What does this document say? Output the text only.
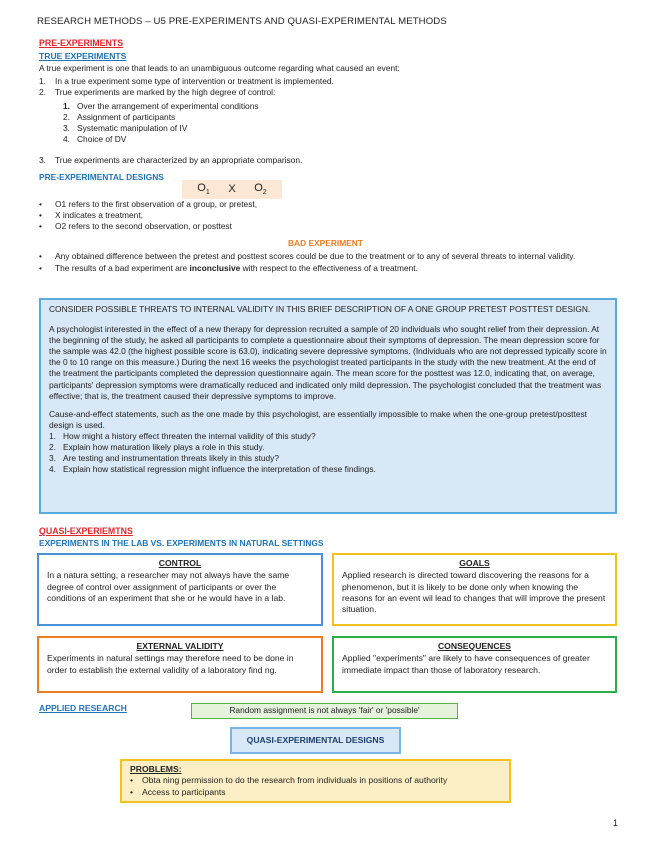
RESEARCH METHODS – U5 PRE-EXPERIMENTS AND QUASI-EXPERIMENTAL METHODS
PRE-EXPERIMENTS
TRUE EXPERIMENTS
A true experiment is one that leads to an unambiguous outcome regarding what caused an event:
1. In a true experiment some type of intervention or treatment is implemented.
2. True experiments are marked by the high degree of control:
1. Over the arrangement of experimental conditions
2. Assignment of participants
3. Systematic manipulation of IV
4. Choice of DV
3. True experiments are characterized by an appropriate comparison.
PRE-EXPERIMENTAL DESIGNS
$O_1$ X $O_2$
• O1 refers to the first observation of a group, or pretest,
• X indicates a treatment,
• O2 refers to the second observation, or posttest
BAD EXPERIMENT
• Any obtained difference between the pretest and posttest scores could be due to the treatment or to any of several threats to internal validity.
• The results of a bad experiment are inconclusive with respect to the effectiveness of a treatment.

CONSIDER POSSIBLE THREATS TO INTERNAL VALIDITY IN THIS BRIEF DESCRIPTION OF A ONE GROUP PRETEST POSTTEST DESIGN.

A psychologist interested in the effect of a new therapy for depression recruited a sample of 20 individuals who sought relief from their depression. At the beginning of the study, he asked all participants to complete a questionnaire about their symptoms of depression. The mean depression score for the sample was 42.0 (the highest possible score is 63.0), indicating severe depressive symptoms. (Individuals who are not depressed typically score in the 0 to 10 range on this measure.) During the next 16 weeks the psychologist treated participants in the study with the new treatment. At the end of the treatment the participants completed the depression questionnaire again. The mean score for the posttest was 12.0, indicating that, on average, participants' depression symptoms were dramatically reduced and indicated only mild depression. The psychologist concluded that the treatment was effective; that is, the treatment caused their depressive symptoms to improve.

Cause-and-effect statements, such as the one made by this psychologist, are essentially impossible to make when the one-group pretest/posttest design is used.

1. How might a history effect threaten the internal validity of this study?
2. Explain how maturation likely plays a role in this study.
3. Are testing and instrumentation threats likely in this study?
4. Explain how statistical regression might influence the interpretation of these findings.
QUASI-EXPERIEMTNS
EXPERIMENTS IN THE LAB VS. EXPERIMENTS IN NATURAL SETTINGS
CONTROL
In a natura setting, a researcher may not always have the same degree of control over assignment of participants or over the conditions of an experiment that she or he would have in a lab.
GOALS
Applied research is directed toward discovering the reasons for a phenomenon, but it is likely to be done only when knowing the reasons for an event wil lead to changes that will improve the present situation.
EXTERNAL VALIDITY
Experiments in natural settings may therefore need to be done in order to establish the external validity of a laboratory find ng.
CONSEQUENCES
Applied "experiments" are likely to have consequences of greater immediate impact than those of laboratory research.
APPLIED RESEARCH	Random assignment is not always 'fair' or 'possible'
QUASI-EXPERIMENTAL DESIGNS
PROBLEMS:
• Obta ning permission to do the research from individuals in positions of authority
• Access to participants
1
